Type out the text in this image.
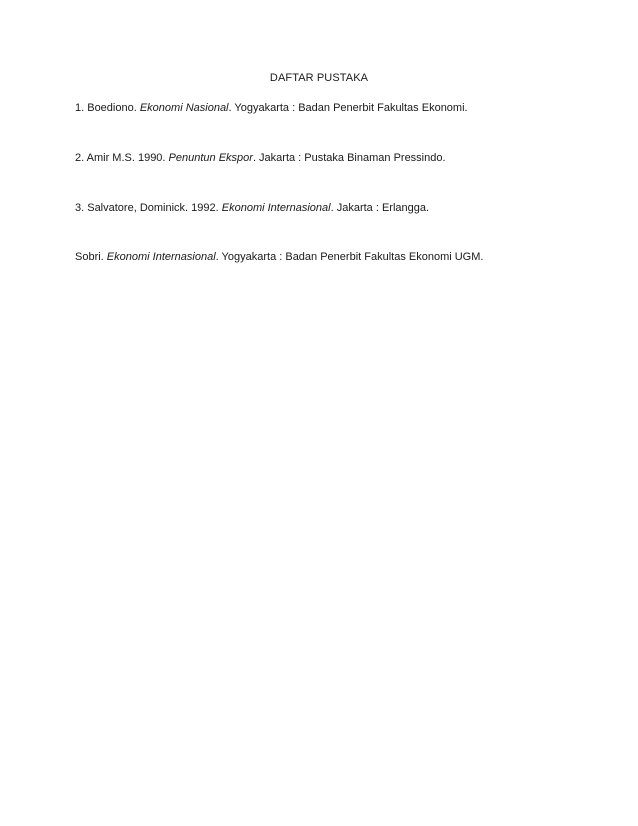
DAFTAR PUSTAKA
1. Boediono. Ekonomi Nasional. Yogyakarta : Badan Penerbit Fakultas Ekonomi.
2. Amir M.S. 1990. Penuntun Ekspor. Jakarta : Pustaka Binaman Pressindo.
3. Salvatore, Dominick. 1992. Ekonomi Internasional. Jakarta : Erlangga.
Sobri. Ekonomi Internasional. Yogyakarta : Badan Penerbit Fakultas Ekonomi UGM.
